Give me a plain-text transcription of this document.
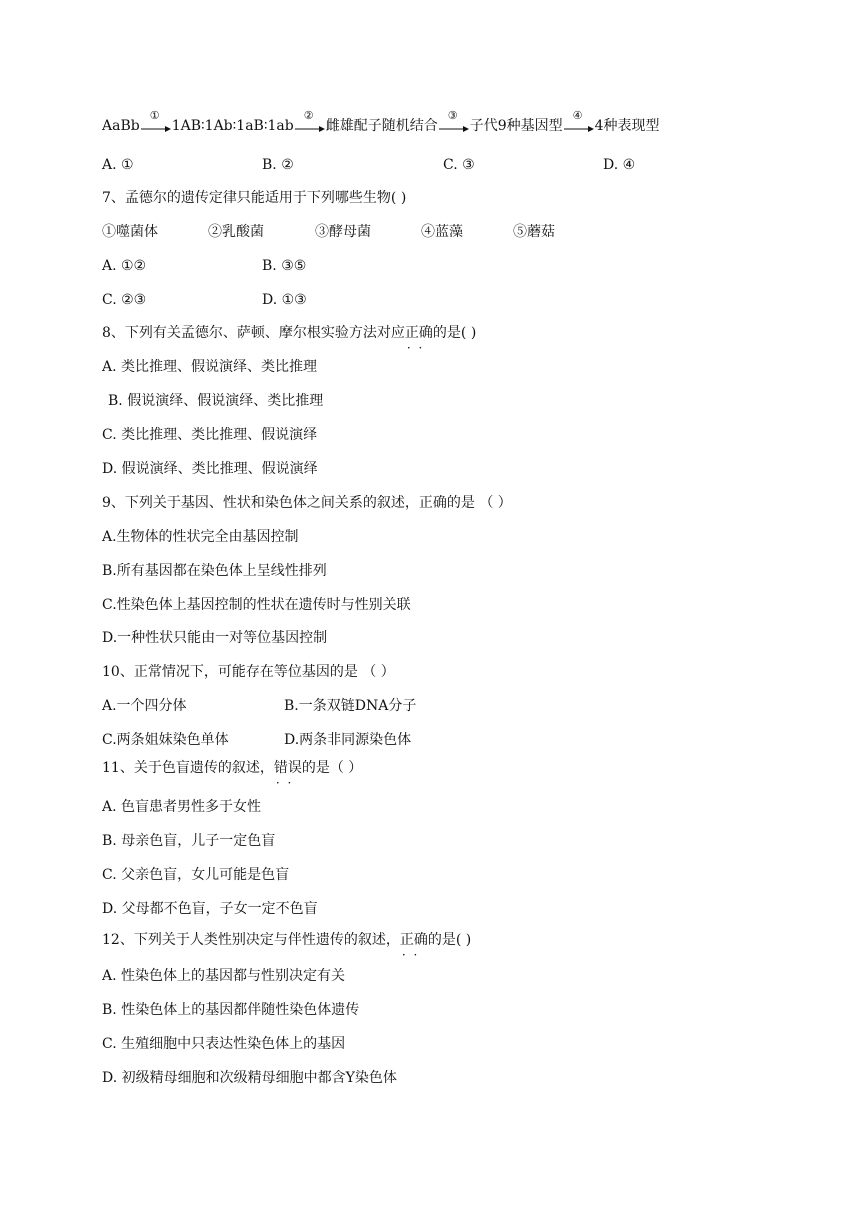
AaBb
①
1AB∶1Ab∶1aB∶1ab
②
雌雄配子随机结合
③
子代9种基因型
④
4种表现型
A. ①	B. ②	C. ③	D. ④
7、孟德尔的遗传定律只能适用于下列哪些生物( )
①噬菌体	②乳酸菌	③酵母菌	④蓝藻	⑤蘑菇
A. ①②	B. ③⑤
C. ②③	D. ①③
8、下列有关孟德尔、萨顿、摩尔根实验方法对应正确 · ·的是( )
A. 类比推理、假说演绎、类比推理
B. 假说演绎、假说演绎、类比推理
C. 类比推理、类比推理、假说演绎
D. 假说演绎、类比推理、假说演绎
9、下列关于基因、性状和染色体之间关系的叙述，正确的是 （ ）
A.生物体的性状完全由基因控制
B.所有基因都在染色体上呈线性排列
C.性染色体上基因控制的性状在遗传时与性别关联
D.一种性状只能由一对等位基因控制
10、正常情况下，可能存在等位基因的是 （ ）
A.一个四分体	B.一条双链DNA分子
C.两条姐妹染色单体	D.两条非同源染色体
11、关于色盲遗传的叙述，错误 · ·的是（ ）
A. 色盲患者男性多于女性
B. 母亲色盲，儿子一定色盲
C. 父亲色盲，女儿可能是色盲
D. 父母都不色盲，子女一定不色盲
12、下列关于人类性别决定与伴性遗传的叙述，正确 · ·的是( )
A. 性染色体上的基因都与性别决定有关
B. 性染色体上的基因都伴随性染色体遗传
C. 生殖细胞中只表达性染色体上的基因
D. 初级精母细胞和次级精母细胞中都含Y染色体
